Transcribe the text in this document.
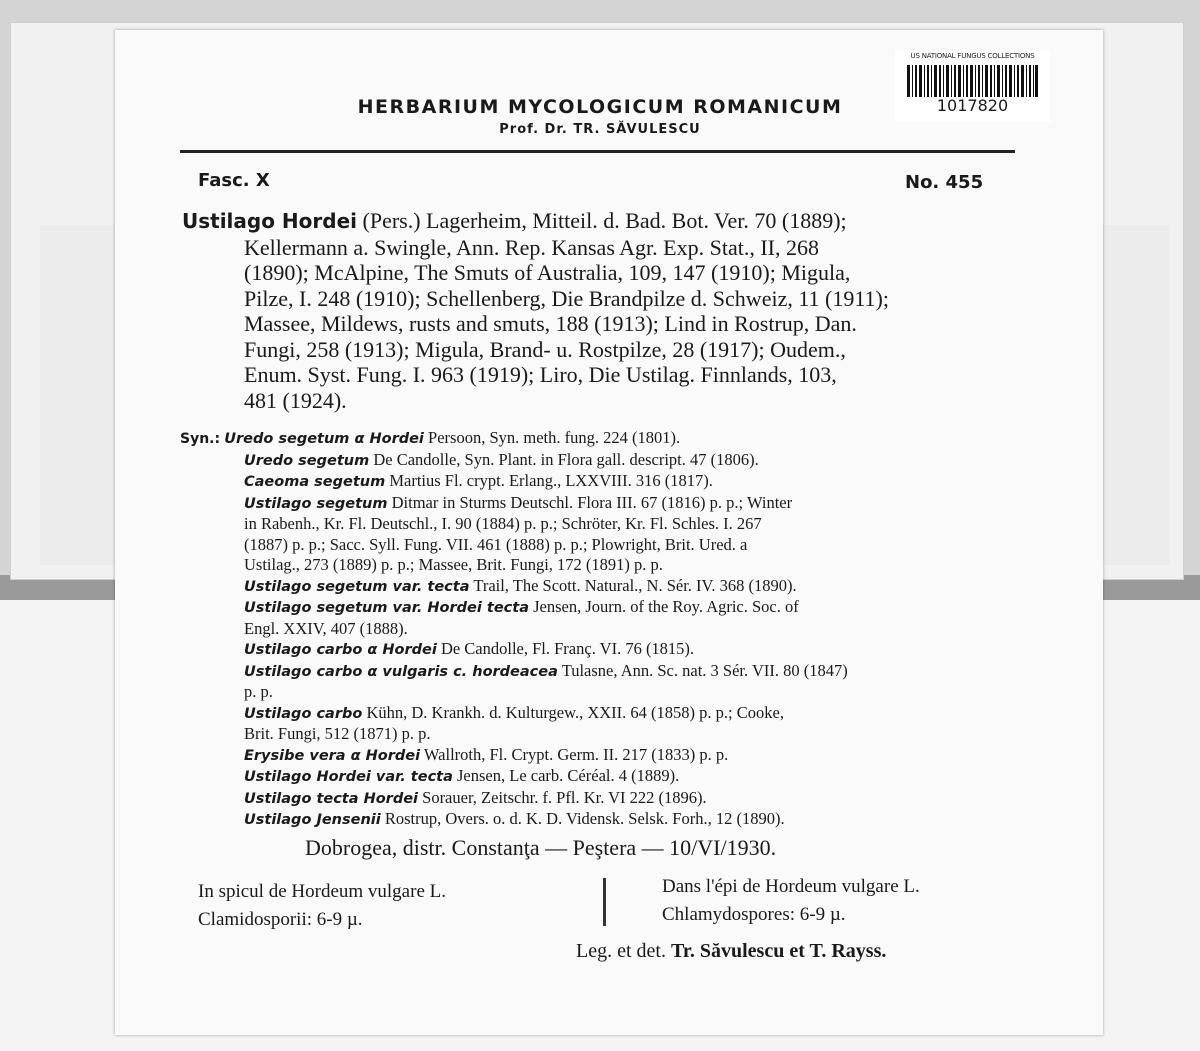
US NATIONAL FUNGUS COLLECTIONS
1017820
HERBARIUM MYCOLOGICUM ROMANICUM
Prof. Dr. TR. SĂVULESCU
Fasc. X	No. 455
Ustilago Hordei (Pers.) Lagerheim, Mitteil. d. Bad. Bot. Ver. 70 (1889);
Kellermann a. Swingle, Ann. Rep. Kansas Agr. Exp. Stat., II, 268
(1890); McAlpine, The Smuts of Australia, 109, 147 (1910); Migula,
Pilze, I. 248 (1910); Schellenberg, Die Brandpilze d. Schweiz, 11 (1911);
Massee, Mildews, rusts and smuts, 188 (1913); Lind in Rostrup, Dan.
Fungi, 258 (1913); Migula, Brand- u. Rostpilze, 28 (1917); Oudem.,
Enum. Syst. Fung. I. 963 (1919); Liro, Die Ustilag. Finnlands, 103,
481 (1924).
Syn.: Uredo segetum α Hordei Persoon, Syn. meth. fung. 224 (1801).
Uredo segetum De Candolle, Syn. Plant. in Flora gall. descript. 47 (1806).
Caeoma segetum Martius Fl. crypt. Erlang., LXXVIII. 316 (1817).
Ustilago segetum Ditmar in Sturms Deutschl. Flora III. 67 (1816) p. p.; Winter
in Rabenh., Kr. Fl. Deutschl., I. 90 (1884) p. p.; Schröter, Kr. Fl. Schles. I. 267
(1887) p. p.; Sacc. Syll. Fung. VII. 461 (1888) p. p.; Plowright, Brit. Ured. a
Ustilag., 273 (1889) p. p.; Massee, Brit. Fungi, 172 (1891) p. p.
Ustilago segetum var. tecta Trail, The Scott. Natural., N. Sér. IV. 368 (1890).
Ustilago segetum var. Hordei tecta Jensen, Journ. of the Roy. Agric. Soc. of
Engl. XXIV, 407 (1888).
Ustilago carbo α Hordei De Candolle, Fl. Franç. VI. 76 (1815).
Ustilago carbo α vulgaris c. hordeacea Tulasne, Ann. Sc. nat. 3 Sér. VII. 80 (1847)
p. p.
Ustilago carbo Kühn, D. Krankh. d. Kulturgew., XXII. 64 (1858) p. p.; Cooke,
Brit. Fungi, 512 (1871) p. p.
Erysibe vera α Hordei Wallroth, Fl. Crypt. Germ. II. 217 (1833) p. p.
Ustilago Hordei var. tecta Jensen, Le carb. Céréal. 4 (1889).
Ustilago tecta Hordei Sorauer, Zeitschr. f. Pfl. Kr. VI 222 (1896).
Ustilago Jensenii Rostrup, Overs. o. d. K. D. Vidensk. Selsk. Forh., 12 (1890).
Dobrogea, distr. Constanţa — Peştera — 10/VI/1930.
In spicul de Hordeum vulgare L.
Clamidosporii: 6-9 µ.
Dans l'épi de Hordeum vulgare L.
Chlamydospores: 6-9 µ.
Leg. et det. Tr. Săvulescu et T. Rayss.
